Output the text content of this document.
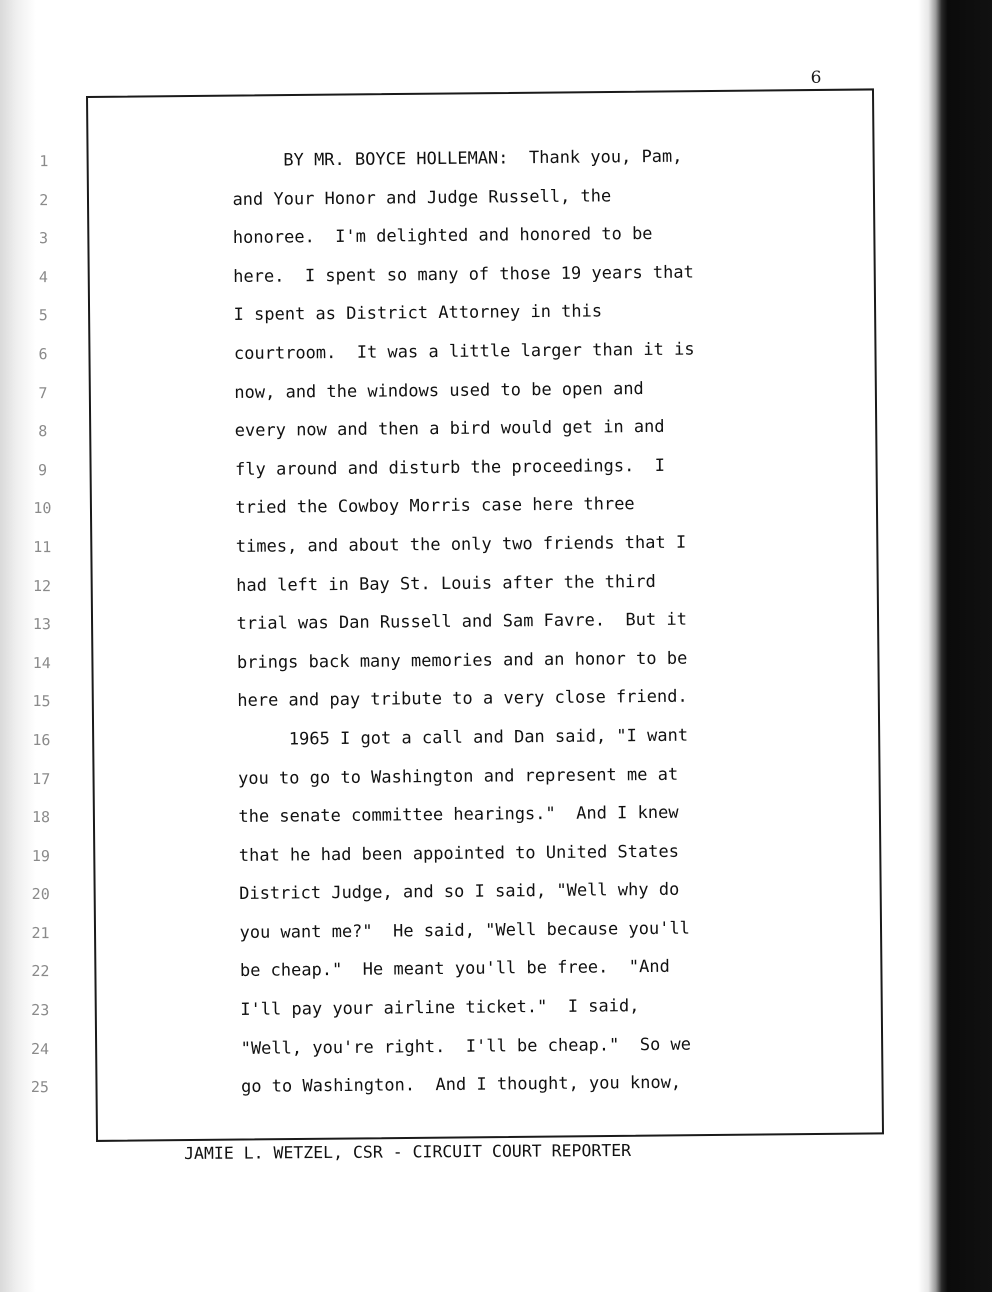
6
1
2
3
4
5
6
7
8
9
10
11
12
13
14
15
16
17
18
19
20
21
22
23
24
25
BY MR. BOYCE HOLLEMAN:  Thank you, Pam,
and Your Honor and Judge Russell, the
honoree.  I'm delighted and honored to be
here.  I spent so many of those 19 years that
I spent as District Attorney in this
courtroom.  It was a little larger than it is
now, and the windows used to be open and
every now and then a bird would get in and
fly around and disturb the proceedings.  I
tried the Cowboy Morris case here three
times, and about the only two friends that I
had left in Bay St. Louis after the third
trial was Dan Russell and Sam Favre.  But it
brings back many memories and an honor to be
here and pay tribute to a very close friend.
1965 I got a call and Dan said, "I want
you to go to Washington and represent me at
the senate committee hearings."  And I knew
that he had been appointed to United States
District Judge, and so I said, "Well why do
you want me?"  He said, "Well because you'll
be cheap."  He meant you'll be free.  "And
I'll pay your airline ticket."  I said,
"Well, you're right.  I'll be cheap."  So we
go to Washington.  And I thought, you know,
JAMIE L. WETZEL, CSR - CIRCUIT COURT REPORTER
